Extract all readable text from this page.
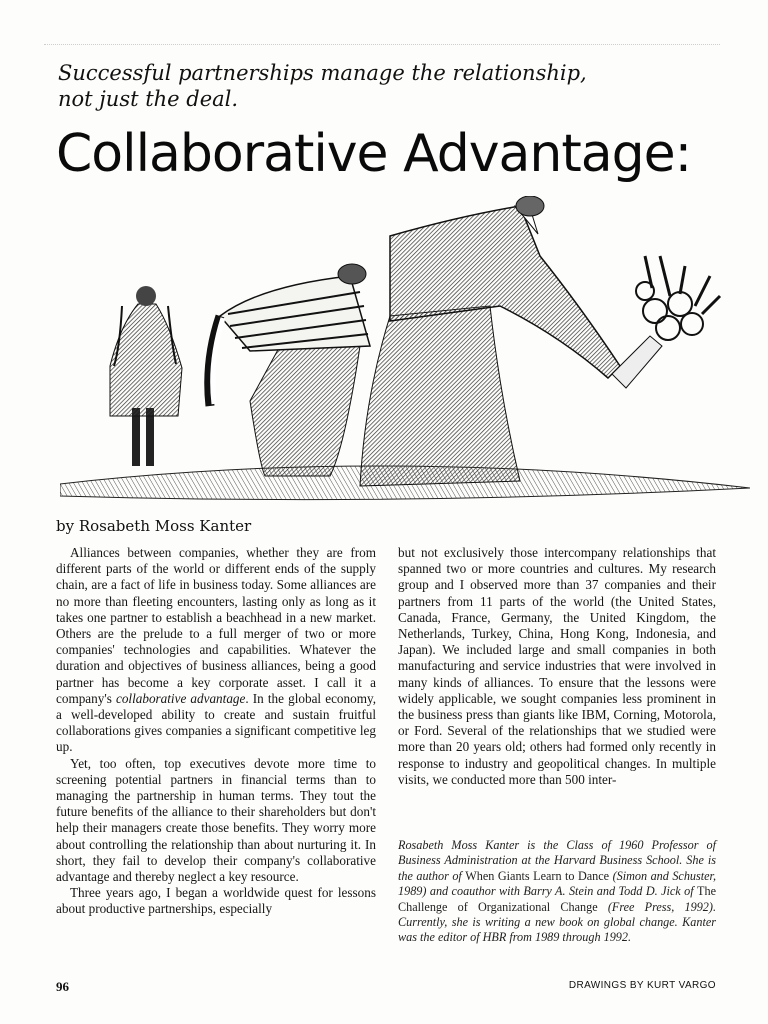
Successful partnerships manage the relationship,
not just the deal.
Collaborative Advantage:
by Rosabeth Moss Kanter

Alliances between companies, whether they are from different parts of the world or different ends of the supply chain, are a fact of life in business today. Some alliances are no more than fleeting encounters, lasting only as long as it takes one partner to establish a beachhead in a new market. Others are the prelude to a full merger of two or more companies' technologies and capabilities. Whatever the duration and objectives of business alliances, being a good partner has become a key corporate asset. I call it a company's collaborative advantage. In the global economy, a well-developed ability to create and sustain fruitful collaborations gives companies a significant competitive leg up.

Yet, too often, top executives devote more time to screening potential partners in financial terms than to managing the partnership in human terms. They tout the future benefits of the alliance to their shareholders but don't help their managers create those benefits. They worry more about controlling the relationship than about nurturing it. In short, they fail to develop their company's collaborative advantage and thereby neglect a key resource.

Three years ago, I began a worldwide quest for lessons about productive partnerships, especially

but not exclusively those intercompany relationships that spanned two or more countries and cultures. My research group and I observed more than 37 companies and their partners from 11 parts of the world (the United States, Canada, France, Germany, the United Kingdom, the Netherlands, Turkey, China, Hong Kong, Indonesia, and Japan). We included large and small companies in both manufacturing and service industries that were involved in many kinds of alliances. To ensure that the lessons were widely applicable, we sought companies less prominent in the business press than giants like IBM, Corning, Motorola, or Ford. Several of the relationships that we studied were more than 20 years old; others had formed only recently in response to industry and geopolitical changes. In multiple visits, we conducted more than 500 inter-

Rosabeth Moss Kanter is the Class of 1960 Professor of Business Administration at the Harvard Business School. She is the author of When Giants Learn to Dance (Simon and Schuster, 1989) and coauthor with Barry A. Stein and Todd D. Jick of The Challenge of Organizational Change (Free Press, 1992). Currently, she is writing a new book on global change. Kanter was the editor of HBR from 1989 through 1992.
96	DRAWINGS BY KURT VARGO
